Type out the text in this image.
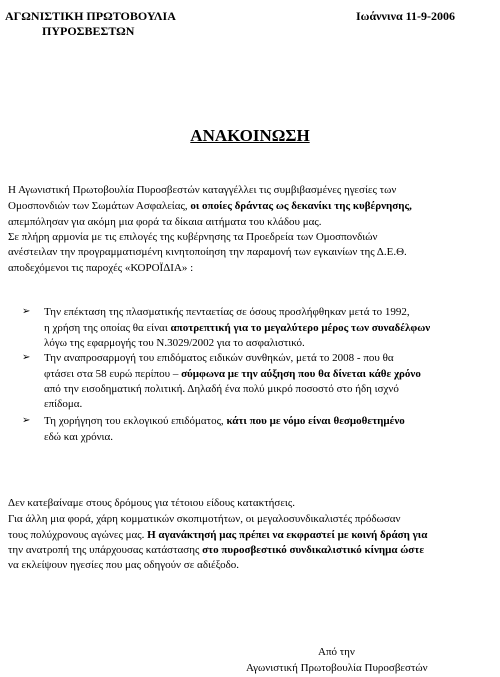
ΑΓΩΝΙΣΤΙΚΗ ΠΡΩΤΟΒΟΥΛΙΑ
ΠΥΡΟΣΒΕΣΤΩΝ
Ιωάννινα 11-9-2006
ΑΝΑΚΟΙΝΩΣΗ
Η Αγωνιστική Πρωτοβουλία Πυροσβεστών καταγγέλλει τις συμβιβασμένες ηγεσίες των
Ομοσπονδιών των Σωμάτων Ασφαλείας, οι οποίες δράντας ως δεκανίκι της κυβέρνησης,
απεμπόλησαν για ακόμη μια φορά τα δίκαια αιτήματα του κλάδου μας.
Σε πλήρη αρμονία με τις επιλογές της κυβέρνησης τα Προεδρεία των Ομοσπονδιών
ανέστειλαν την προγραμματισμένη κινητοποίηση την παραμονή των εγκαινίων της Δ.Ε.Θ.
αποδεχόμενοι τις παροχές «ΚΟΡΟΪΔΙΑ» :
➢ Την επέκταση της πλασματικής πενταετίας σε όσους προσλήφθηκαν μετά το 1992,
η χρήση της οποίας θα είναι αποτρεπτική για το μεγαλύτερο μέρος των συναδέλφων
λόγω της εφαρμογής του Ν.3029/2002 για το ασφαλιστικό.
➢ Την αναπροσαρμογή του επιδόματος ειδικών συνθηκών, μετά το 2008 - που θα
φτάσει στα 58 ευρώ περίπου – σύμφωνα με την αύξηση που θα δίνεται κάθε χρόνο
από την εισοδηματική πολιτική. Δηλαδή ένα πολύ μικρό ποσοστό στο ήδη ισχνό
επίδομα.
➢ Τη χορήγηση του εκλογικού επιδόματος, κάτι που με νόμο είναι θεσμοθετημένο
εδώ και χρόνια.
Δεν κατεβαίναμε στους δρόμους για τέτοιου είδους κατακτήσεις.
Για άλλη μια φορά, χάρη κομματικών σκοπιμοτήτων, οι μεγαλοσυνδικαλιστές πρόδωσαν
τους πολύχρονους αγώνες μας. Η αγανάκτησή μας πρέπει να εκφραστεί με κοινή δράση για
την ανατροπή της υπάρχουσας κατάστασης στο πυροσβεστικό συνδικαλιστικό κίνημα ώστε
να εκλείψουν ηγεσίες που μας οδηγούν σε αδιέξοδο.
Από την
Αγωνιστική Πρωτοβουλία Πυροσβεστών
